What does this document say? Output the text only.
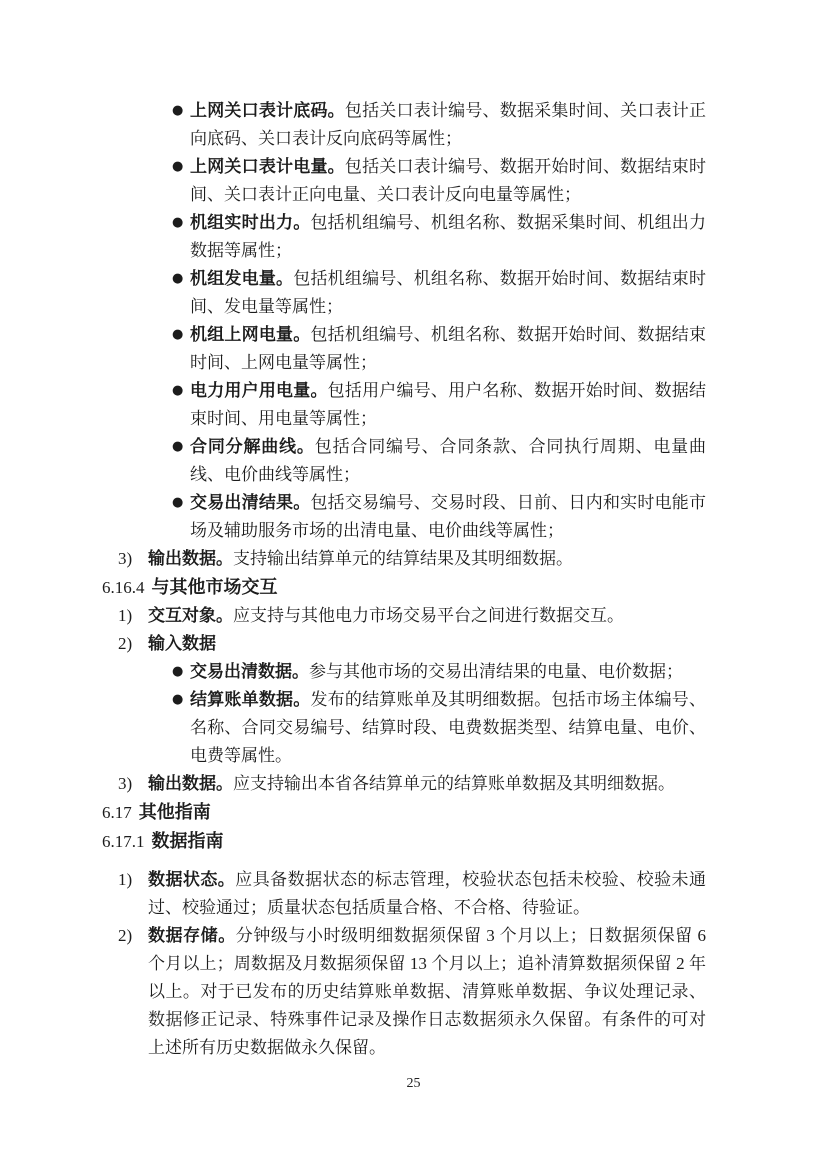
● 上网关口表计底码。包括关口表计编号、数据采集时间、关口表计正向底码、关口表计反向底码等属性；
● 上网关口表计电量。包括关口表计编号、数据开始时间、数据结束时间、关口表计正向电量、关口表计反向电量等属性；
● 机组实时出力。包括机组编号、机组名称、数据采集时间、机组出力数据等属性；
● 机组发电量。包括机组编号、机组名称、数据开始时间、数据结束时间、发电量等属性；
● 机组上网电量。包括机组编号、机组名称、数据开始时间、数据结束时间、上网电量等属性；
● 电力用户用电量。包括用户编号、用户名称、数据开始时间、数据结束时间、用电量等属性；
● 合同分解曲线。包括合同编号、合同条款、合同执行周期、电量曲线、电价曲线等属性；
● 交易出清结果。包括交易编号、交易时段、日前、日内和实时电能市场及辅助服务市场的出清电量、电价曲线等属性；
3) 输出数据。支持输出结算单元的结算结果及其明细数据。
6.16.4 与其他市场交互
1) 交互对象。应支持与其他电力市场交易平台之间进行数据交互。
2) 输入数据
● 交易出清数据。参与其他市场的交易出清结果的电量、电价数据；
● 结算账单数据。发布的结算账单及其明细数据。包括市场主体编号、名称、合同交易编号、结算时段、电费数据类型、结算电量、电价、电费等属性。
3) 输出数据。应支持输出本省各结算单元的结算账单数据及其明细数据。
6.17 其他指南
6.17.1 数据指南
1) 数据状态。应具备数据状态的标志管理，校验状态包括未校验、校验未通过、校验通过；质量状态包括质量合格、不合格、待验证。
2) 数据存储。分钟级与小时级明细数据须保留 3 个月以上；日数据须保留 6 个月以上；周数据及月数据须保留 13 个月以上；追补清算数据须保留 2 年以上。对于已发布的历史结算账单数据、清算账单数据、争议处理记录、数据修正记录、特殊事件记录及操作日志数据须永久保留。有条件的可对上述所有历史数据做永久保留。
25
